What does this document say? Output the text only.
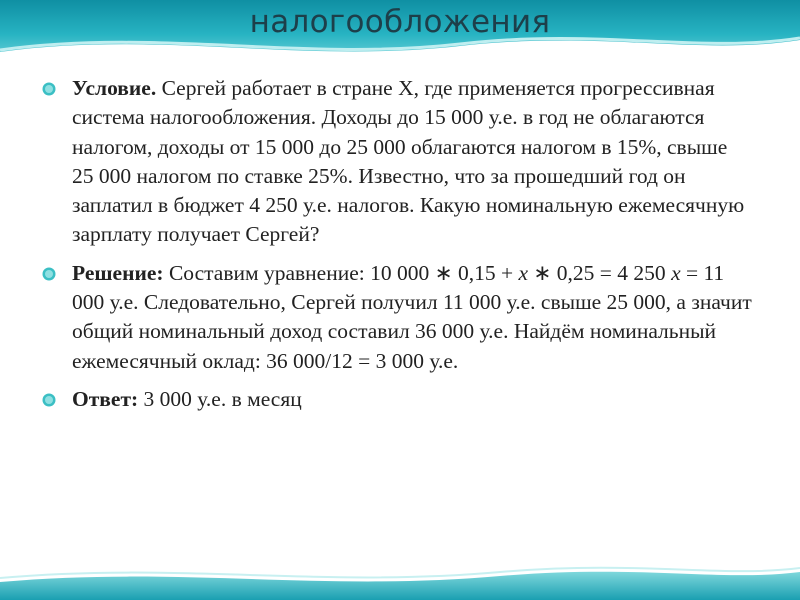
налогообложения

Условие. Сергей работает в стране X, где применяется прогрессивная система налогообложения. Доходы до 15 000 у.е. в год не облагаются налогом, доходы от 15 000 до 25 000 облагаются налогом в 15%, свыше 25 000 налогом по ставке 25%. Известно, что за прошедший год он заплатил в бюджет 4 250 у.е. налогов. Какую номинальную ежемесячную зарплату получает Сергей?

Решение: Составим уравнение: 10 000 ∗ 0,15 + x ∗ 0,25 = 4 250 x = 11 000 у.е. Следовательно, Сергей получил 11 000 у.е. свыше 25 000, а значит общий номинальный доход составил 36 000 у.е. Найдём номинальный ежемесячный оклад: 36 000/12 = 3 000 у.е.

Ответ: 3 000 у.е. в месяц
